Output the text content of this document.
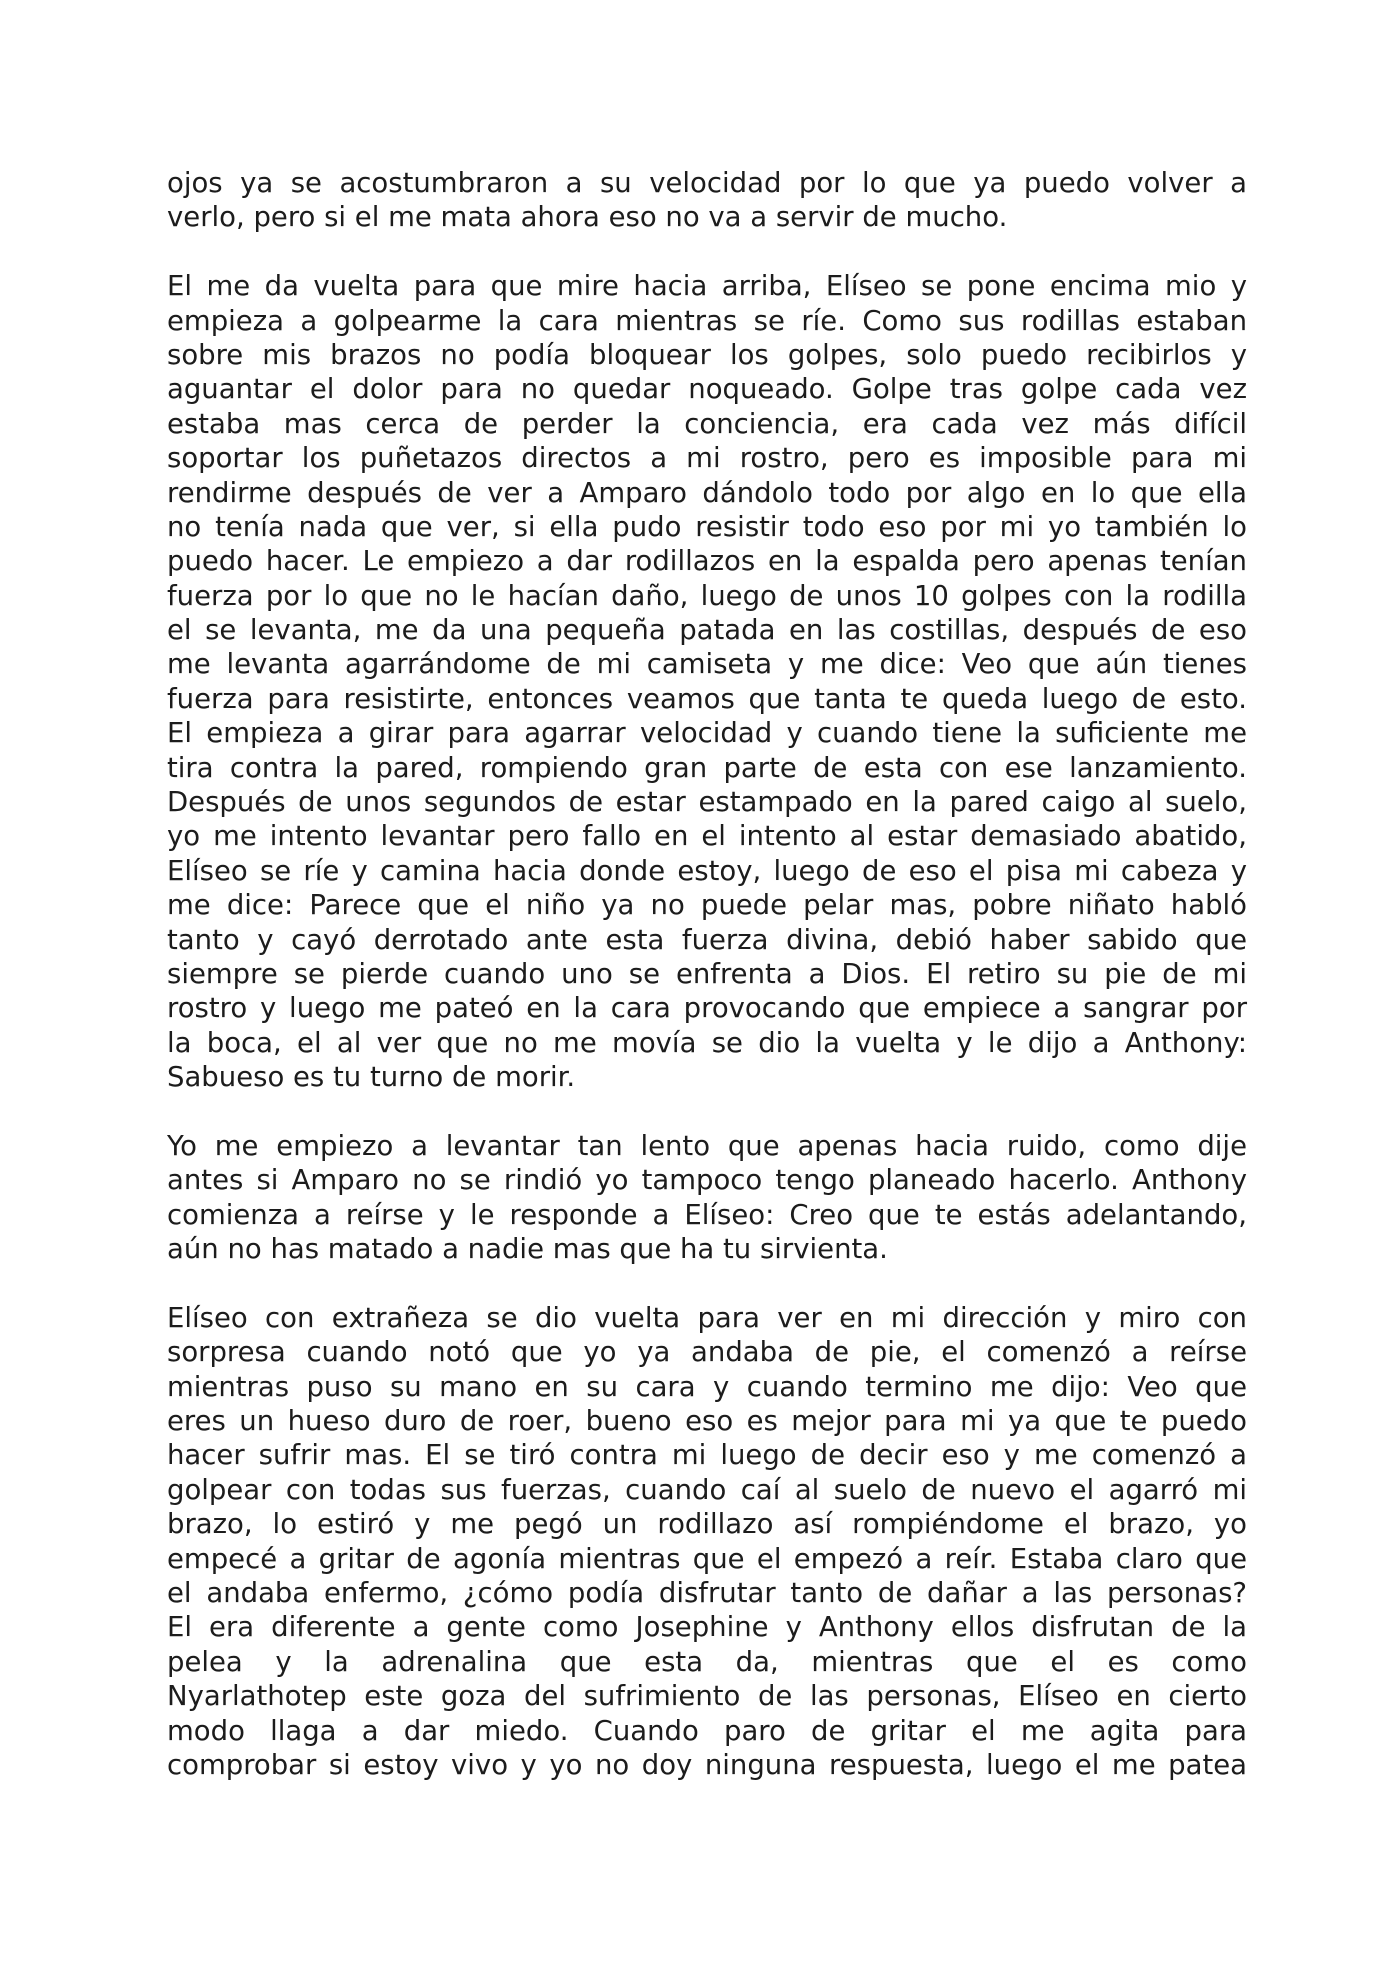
ojos ya se acostumbraron a su velocidad por lo que ya puedo volver a
verlo, pero si el me mata ahora eso no va a servir de mucho.
El me da vuelta para que mire hacia arriba, Elíseo se pone encima mio y
empieza a golpearme la cara mientras se ríe. Como sus rodillas estaban
sobre mis brazos no podía bloquear los golpes, solo puedo recibirlos y
aguantar el dolor para no quedar noqueado. Golpe tras golpe cada vez
estaba mas cerca de perder la conciencia, era cada vez más difícil
soportar los puñetazos directos a mi rostro, pero es imposible para mi
rendirme después de ver a Amparo dándolo todo por algo en lo que ella
no tenía nada que ver, si ella pudo resistir todo eso por mi yo también lo
puedo hacer. Le empiezo a dar rodillazos en la espalda pero apenas tenían
fuerza por lo que no le hacían daño, luego de unos 10 golpes con la rodilla
el se levanta, me da una pequeña patada en las costillas, después de eso
me levanta agarrándome de mi camiseta y me dice: Veo que aún tienes
fuerza para resistirte, entonces veamos que tanta te queda luego de esto.
El empieza a girar para agarrar velocidad y cuando tiene la suficiente me
tira contra la pared, rompiendo gran parte de esta con ese lanzamiento.
Después de unos segundos de estar estampado en la pared caigo al suelo,
yo me intento levantar pero fallo en el intento al estar demasiado abatido,
Elíseo se ríe y camina hacia donde estoy, luego de eso el pisa mi cabeza y
me dice: Parece que el niño ya no puede pelar mas, pobre niñato habló
tanto y cayó derrotado ante esta fuerza divina, debió haber sabido que
siempre se pierde cuando uno se enfrenta a Dios. El retiro su pie de mi
rostro y luego me pateó en la cara provocando que empiece a sangrar por
la boca, el al ver que no me movía se dio la vuelta y le dijo a Anthony:
Sabueso es tu turno de morir.
Yo me empiezo a levantar tan lento que apenas hacia ruido, como dije
antes si Amparo no se rindió yo tampoco tengo planeado hacerlo. Anthony
comienza a reírse y le responde a Elíseo: Creo que te estás adelantando,
aún no has matado a nadie mas que ha tu sirvienta.
Elíseo con extrañeza se dio vuelta para ver en mi dirección y miro con
sorpresa cuando notó que yo ya andaba de pie, el comenzó a reírse
mientras puso su mano en su cara y cuando termino me dijo: Veo que
eres un hueso duro de roer, bueno eso es mejor para mi ya que te puedo
hacer sufrir mas. El se tiró contra mi luego de decir eso y me comenzó a
golpear con todas sus fuerzas, cuando caí al suelo de nuevo el agarró mi
brazo, lo estiró y me pegó un rodillazo así rompiéndome el brazo, yo
empecé a gritar de agonía mientras que el empezó a reír. Estaba claro que
el andaba enfermo, ¿cómo podía disfrutar tanto de dañar a las personas?
El era diferente a gente como Josephine y Anthony ellos disfrutan de la
pelea y la adrenalina que esta da, mientras que el es como
Nyarlathotep este goza del sufrimiento de las personas, Elíseo en cierto
modo llaga a dar miedo. Cuando paro de gritar el me agita para
comprobar si estoy vivo y yo no doy ninguna respuesta, luego el me patea
